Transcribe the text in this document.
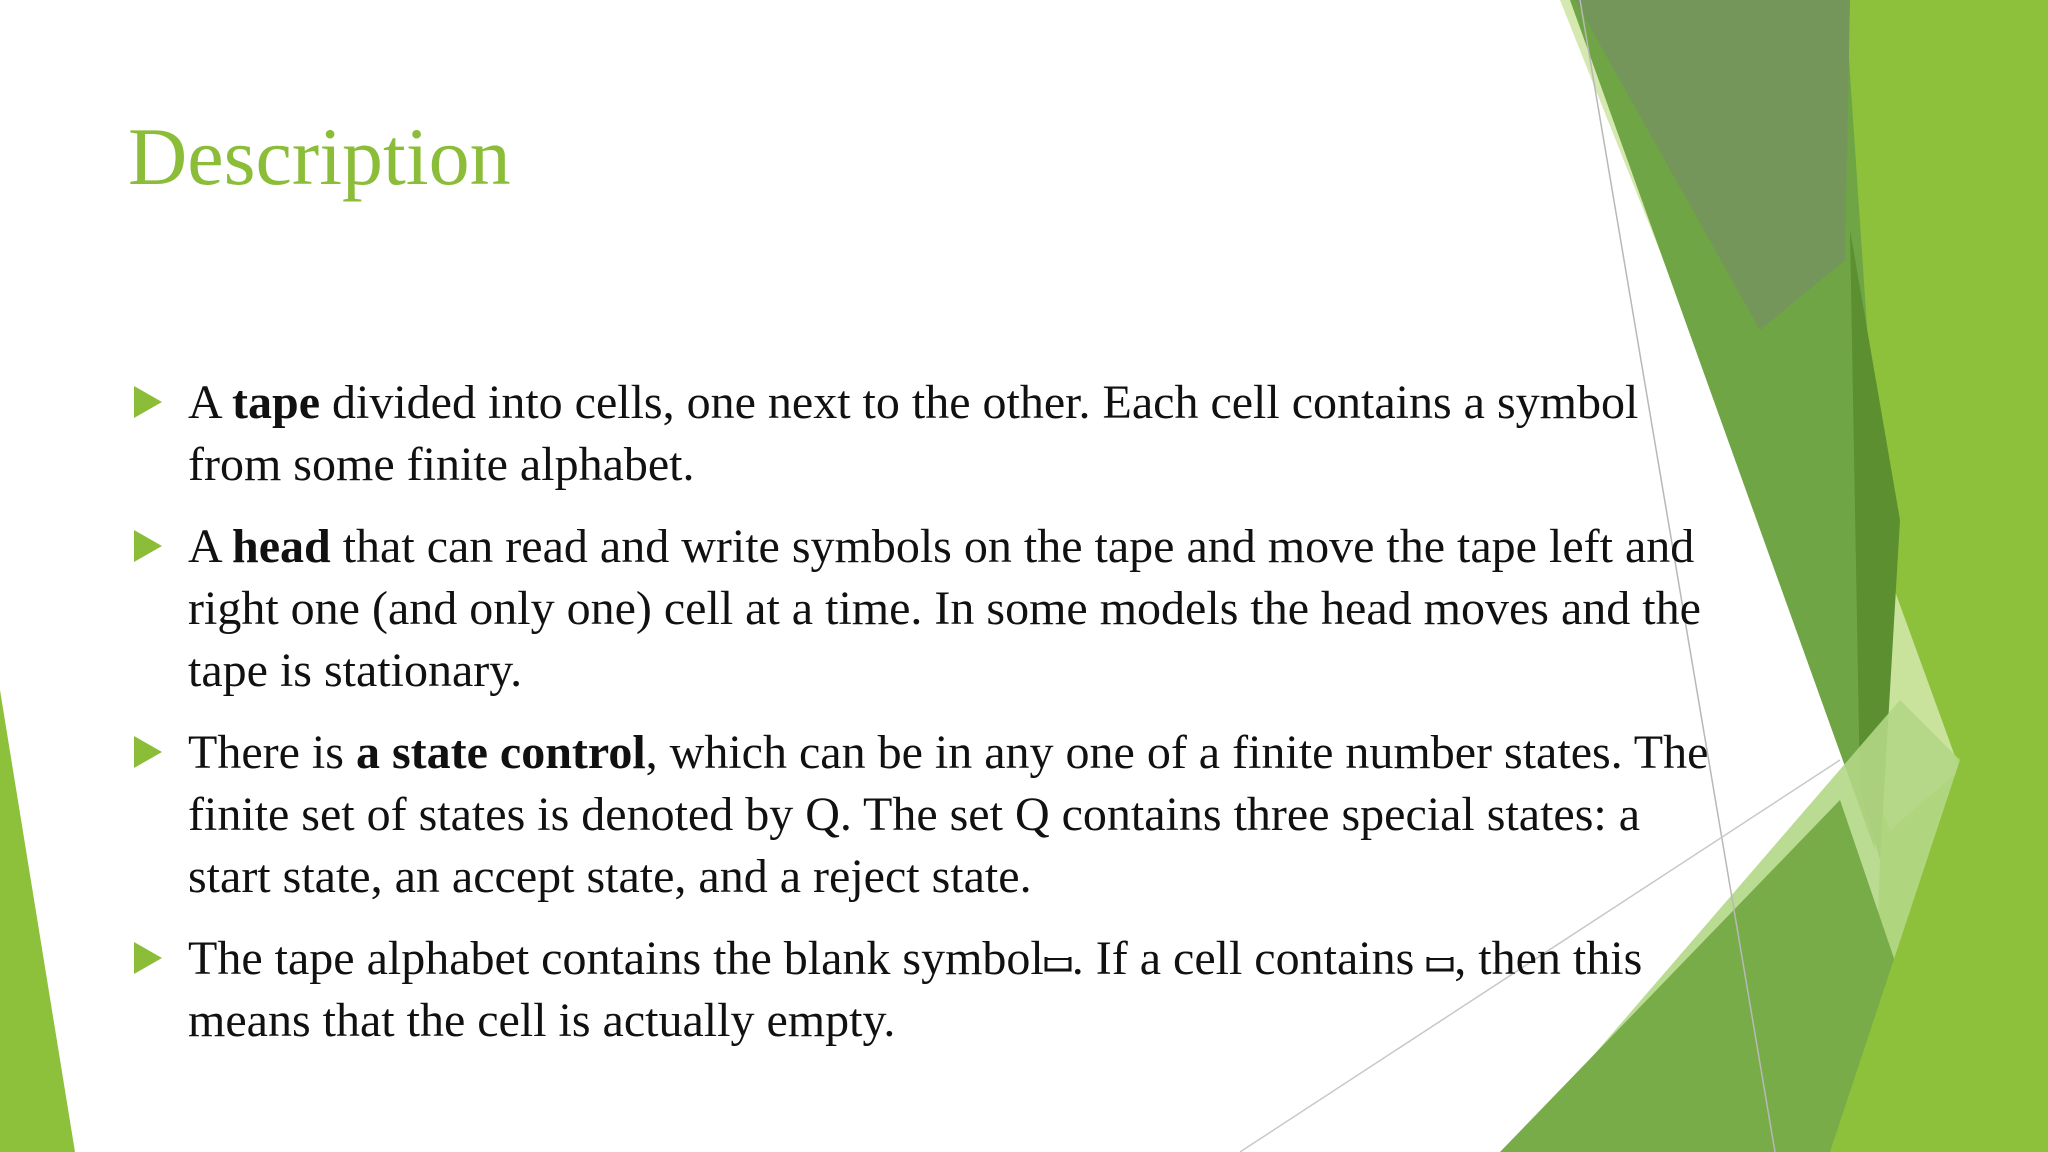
Description
A tape divided into cells, one next to the other. Each cell contains a symbol from some finite alphabet.
A head that can read and write symbols on the tape and move the tape left and right one (and only one) cell at a time. In some models the head moves and the tape is stationary.
There is a state control, which can be in any one of a finite number states. The finite set of states is denoted by Q. The set Q contains three special states: a start state, an accept state, and a reject state.
The tape alphabet contains the blank symbol . If a cell contains , then this means that the cell is actually empty.
